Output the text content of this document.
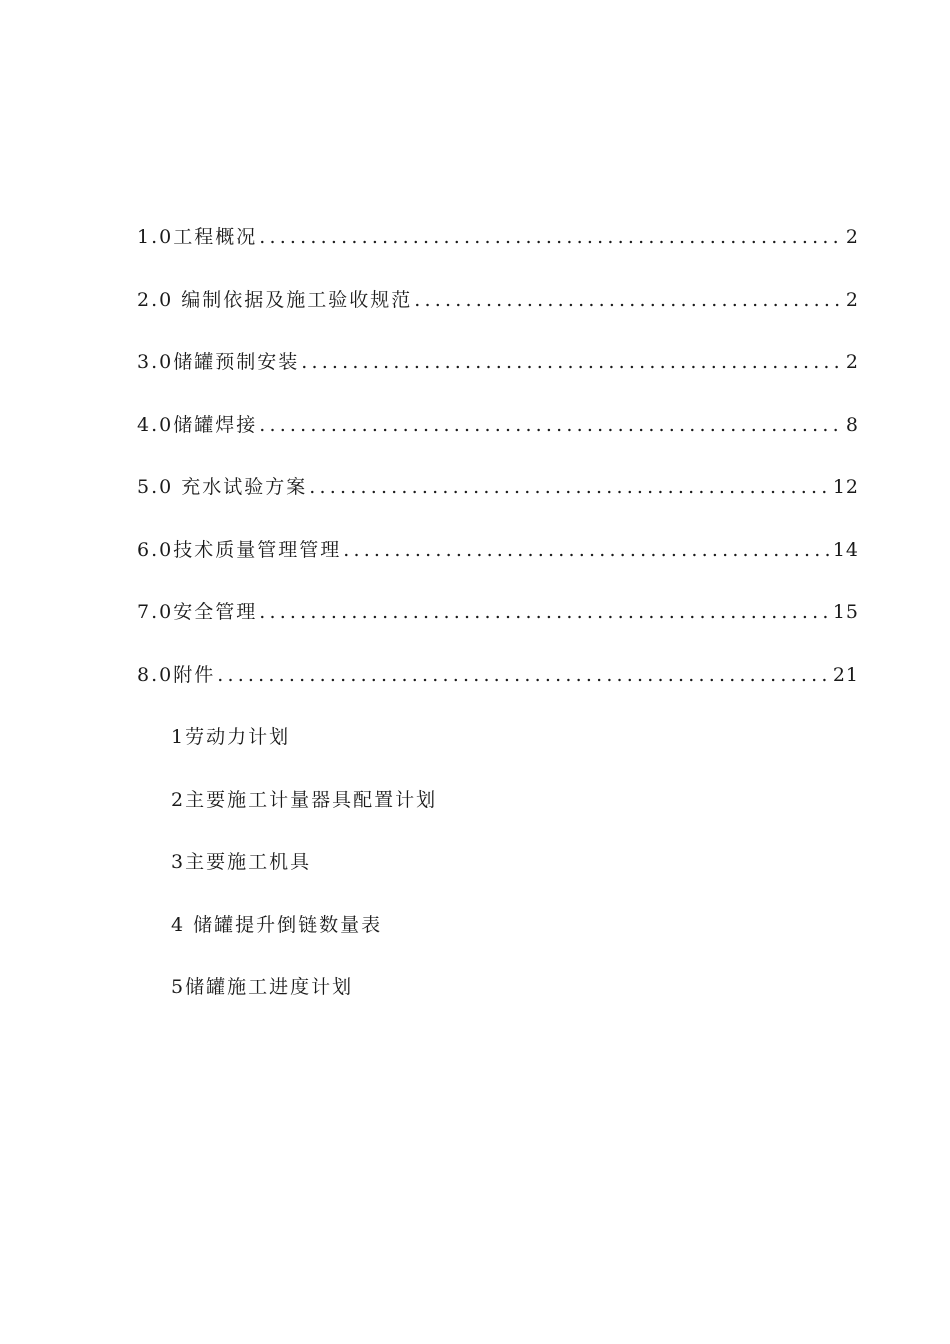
1.0工程概况 .....	2
2.0 编制依据及施工验收规范 .....	2
3.0储罐预制安装 .....	2
4.0储罐焊接 .....	8
5.0 充水试验方案 .....	12
6.0技术质量管理管理 .....	14
7.0安全管理 .....	15
8.0附件 .....	21
1劳动力计划
2主要施工计量器具配置计划
3主要施工机具
4 储罐提升倒链数量表
5储罐施工进度计划
